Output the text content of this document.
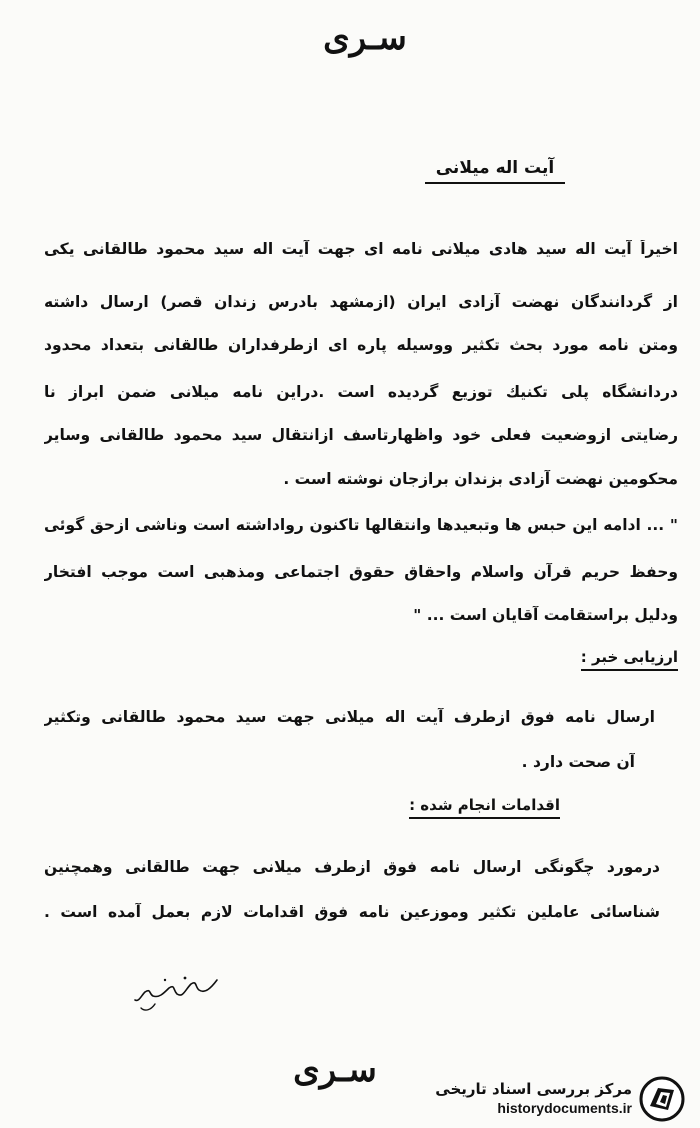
سـرى
آيت اله ميلانى
اخيراً آيت اله سيد هادى ميلانى نامه اى جهت آيت اله سيد محمود طالقانى يكى
از گردانندگان نهضت آزادى ايران (ازمشهد بادرس زندان قصر) ارسال داشته
ومتن نامه مورد بحث تكثير ووسيله پاره اى ازطرفداران طالقانى بتعداد محدود
دردانشگاه پلى تكنيك توزيع گرديده است .دراين نامه ميلانى ضمن ابراز نا
رضايتى ازوضعيت فعلى خود واظهارتاسف ازانتقال سيد محمود طالقانى وساير
محكومين نهضت آزادى بزندان برازجان نوشته است .
" ... ادامه اين حبس ها وتبعيدها وانتقالها تاكنون رواداشته است وناشى ازحق گوئى
وحفظ حريم قرآن واسلام واحقاق حقوق اجتماعى ومذهبى است موجب افتخار
ودليل براستقامت آقايان است ... "
ارزيابى خبر :
ارسال نامه فوق ازطرف آيت اله ميلانى جهت سيد محمود طالقانى وتكثير
آن صحت دارد .
اقدامات انجام شده :
درمورد چگونگى ارسال نامه فوق ازطرف ميلانى جهت طالقانى وهمچنين
شناسائى عاملين تكثير وموزعين نامه فوق اقدامات لازم بعمل آمده است .
سـرى	مركز بررسى اسناد تاريخى
historydocuments.ir
